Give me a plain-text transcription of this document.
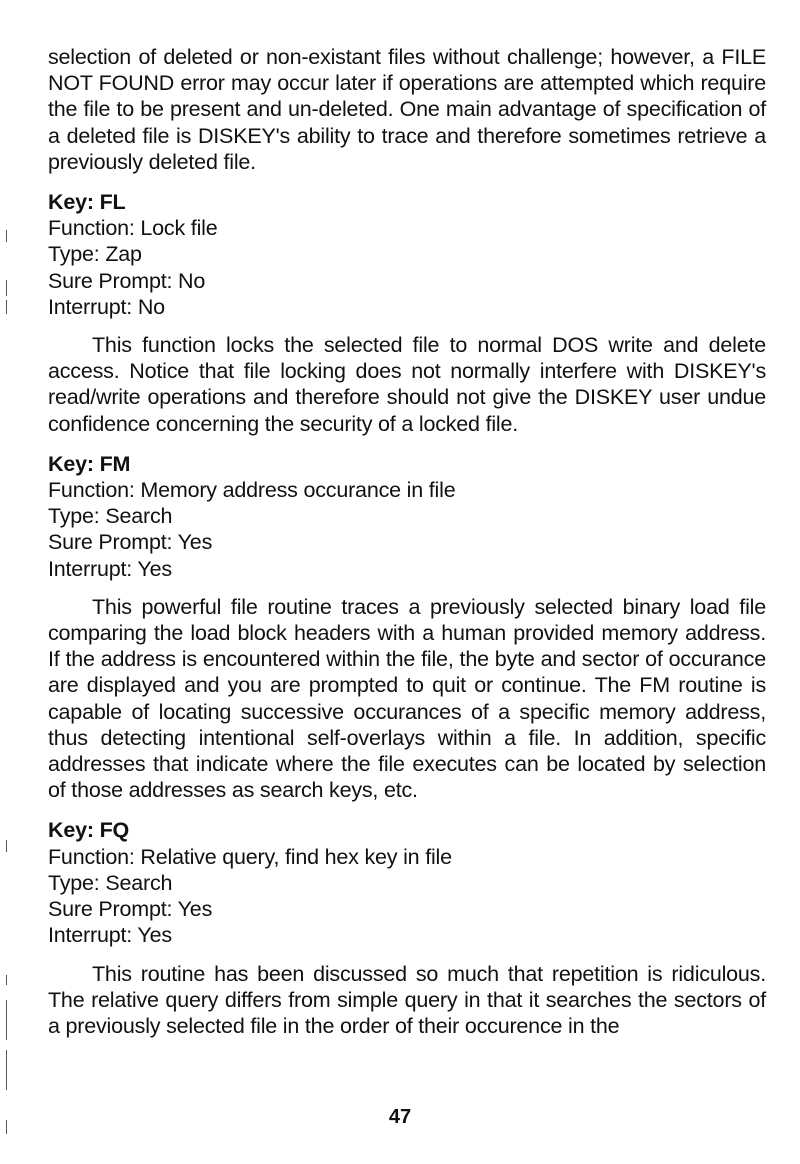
selection of deleted or non-existant files without challenge; however, a FILE NOT FOUND error may occur later if operations are attempted which require the file to be present and un-deleted. One main advantage of specification of a deleted file is DISKEY's ability to trace and therefore sometimes retrieve a previously deleted file.

Key: FL
Function: Lock file
Type: Zap
Sure Prompt: No
Interrupt: No

This function locks the selected file to normal DOS write and delete access. Notice that file locking does not normally interfere with DISKEY's read/write operations and therefore should not give the DISKEY user undue confidence concerning the security of a locked file.

Key: FM
Function: Memory address occurance in file
Type: Search
Sure Prompt: Yes
Interrupt: Yes

This powerful file routine traces a previously selected binary load file comparing the load block headers with a human provided memory address. If the address is encountered within the file, the byte and sector of occurance are displayed and you are prompted to quit or continue. The FM routine is capable of locating successive occurances of a specific memory address, thus detecting intentional self-overlays within a file. In addition, specific addresses that indicate where the file executes can be located by selection of those addresses as search keys, etc.

Key: FQ
Function: Relative query, find hex key in file
Type: Search
Sure Prompt: Yes
Interrupt: Yes

This routine has been discussed so much that repetition is ridiculous. The relative query differs from simple query in that it searches the sectors of a previously selected file in the order of their occurence in the

47
